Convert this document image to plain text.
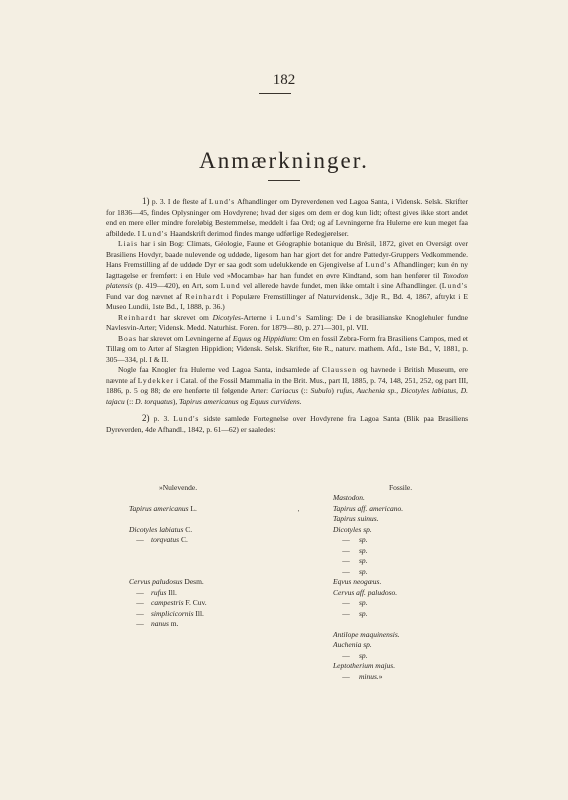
182
Anmærkninger.

1) p. 3. I de fleste af Lund's Afhandlinger om Dyreverdenen ved Lagoa Santa, i Vidensk. Selsk. Skrifter for 1836—45, findes Oplysninger om Hovdyrene; hvad der siges om dem er dog kun lidt; oftest gives ikke stort andet end en mere eller mindre foreløbig Bestemmelse, meddelt i faa Ord; og af Levningerne fra Hulerne ere kun meget faa afbildede. I Lund's Haandskrift derimod findes mange udførlige Redegjørelser.

Liais har i sin Bog: Climats, Géologie, Faune et Géographie botanique du Brésil, 1872, givet en Oversigt over Brasiliens Hovdyr, baade nulevende og uddøde, ligesom han har gjort det for andre Pattedyr-Gruppers Vedkommende. Hans Fremstilling af de uddøde Dyr er saa godt som udelukkende en Gjengivelse af Lund's Afhandlinger; kun én ny Iagttagelse er fremført: i en Hule ved »Mocamba» har han fundet en øvre Kindtand, som han henfører til Toxodon platensis (p. 419—420), en Art, som Lund vel allerede havde fundet, men ikke omtalt i sine Afhandlinger. (Lund's Fund var dog nævnet af Reinhardt i Populære Fremstillinger af Naturvidensk., 3dje R., Bd. 4, 1867, aftrykt i E Museo Lundii, 1ste Bd., I, 1888, p. 36.)

Reinhardt har skrevet om Dicotyles-Arterne i Lund's Samling: De i de brasilianske Knoglehuler fundne Navlesvin-Arter; Vidensk. Medd. Naturhist. Foren. for 1879—80, p. 271—301, pl. VII.

Boas har skrevet om Levningerne af Equus og Hippidium: Om en fossil Zebra-Form fra Brasiliens Campos, med et Tillæg om to Arter af Slægten Hippidion; Vidensk. Selsk. Skrifter, 6te R., naturv. mathem. Afd., 1ste Bd., V, 1881, p. 305—334, pl. I & II.

Nogle faa Knogler fra Hulerne ved Lagoa Santa, indsamlede af Claussen og havnede i British Museum, ere nævnte af Lydekker i Catal. of the Fossil Mammalia in the Brit. Mus., part II, 1885, p. 74, 148, 251, 252, og part III, 1886, p. 5 og 88; de ere henførte til følgende Arter: Cariacus (:: Subulo) rufus, Auchenia sp., Dicotyles labiatus, D. tajacu (:: D. torquatus), Tapirus americanus og Equus curvidens.

2) p. 3. Lund's sidste samlede Fortegnelse over Hovdyrene fra Lagoa Santa (Blik paa Brasiliens Dyreverden, 4de Afhandl., 1842, p. 61—62) er saaledes:

»Nulevende.
Tapirus americanus L.
Dicotyles labiatus C.
— torqvatus C.
Cervus paludosus Desm.
— rufus Ill.
— campestris F. Cuv.
— simplicicornis Ill.
— nanus m.
'
Fossile.
Mastodon.
Tapirus aff. americano.
Tapirus suinus.
Dicotyles sp.
— sp.
— sp.
— sp.
— sp.
Eqvus neogæus.
Cervus aff. paludoso.
— sp.
— sp.
Antilope maquinensis.
Auchenia sp.
— sp.
Leptotherium majus.
— minus.»
